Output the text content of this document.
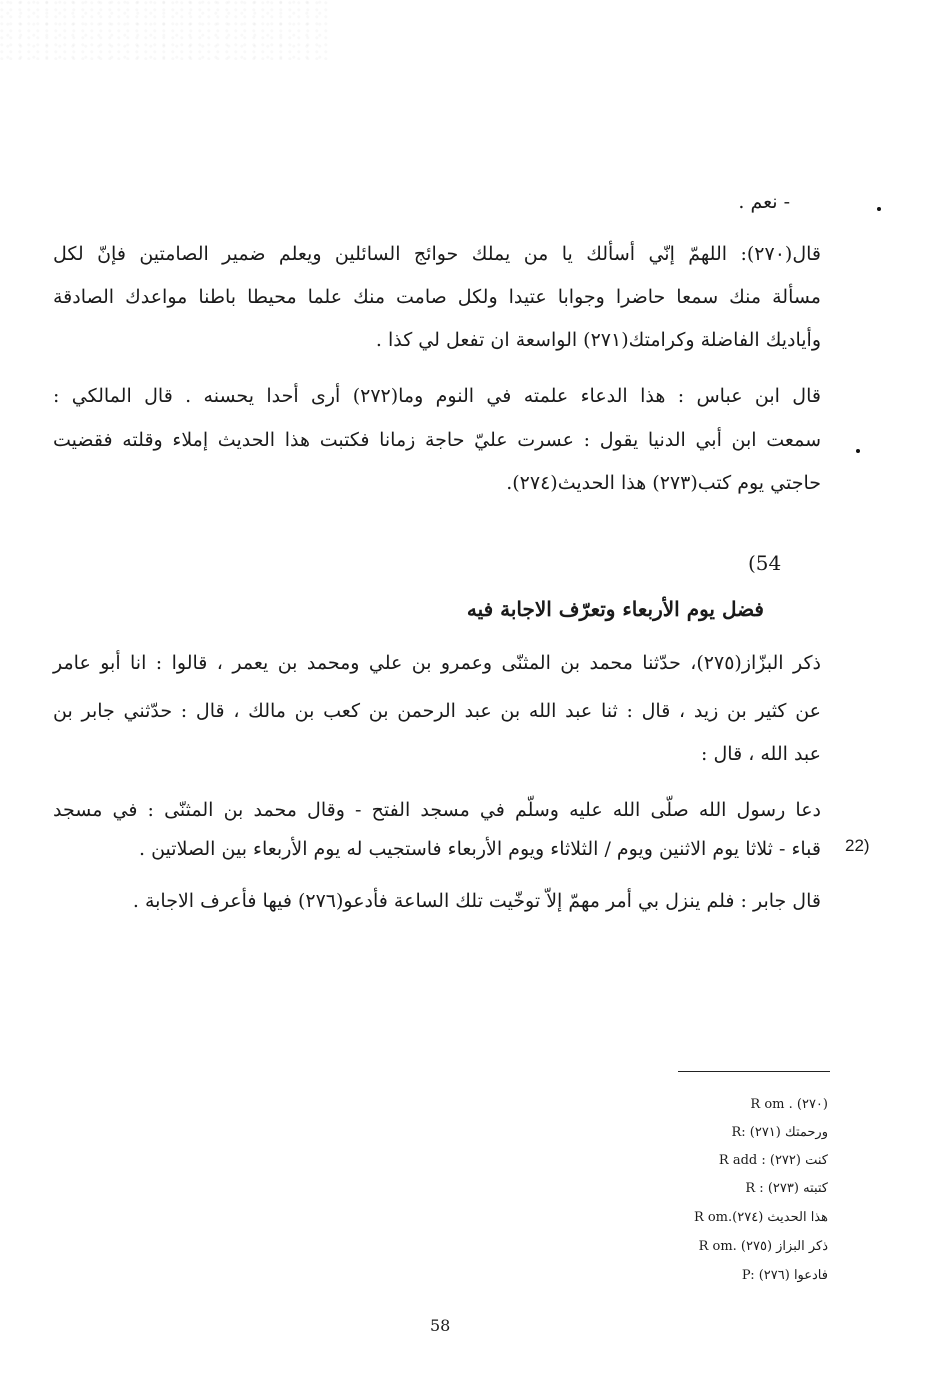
- نعم .
قال(٢٧٠): اللهمّ إنّي أسألك يا من يملك حوائج السائلين ويعلم ضمير الصامتين فإنّ لكل
مسألة منك سمعا حاضرا وجوابا عتيدا ولكل صامت منك علما محيطا باطنا مواعدك الصادقة
وأياديك الفاضلة وكرامتك(٢٧١) الواسعة ان تفعل لي كذا .
قال ابن عباس : هذا الدعاء علمته في النوم وما(٢٧٢) أرى أحدا يحسنه . قال المالكي :
سمعت ابن أبي الدنيا يقول : عسرت عليّ حاجة زمانا فكتبت هذا الحديث إملاء وقلته فقضيت
حاجتي يوم كتب(٢٧٣) هذا الحديث(٢٧٤).
(54
فضل يوم الأربعاء وتعرّف الاجابة فيه
ذكر البزّاز(٢٧٥)، حدّثنا محمد بن المثنّى وعمرو بن علي ومحمد بن يعمر ، قالوا : انا أبو عامر
عن كثير بن زيد ، قال : ثنا عبد الله بن عبد الرحمن بن كعب بن مالك ، قال : حدّثني جابر بن
عبد الله ، قال :
دعا رسول الله صلّى الله عليه وسلّم في مسجد الفتح - وقال محمد بن المثنّى : في مسجد
22)
قباء - ثلاثا يوم الاثنين ويوم / الثلاثاء ويوم الأربعاء فاستجيب له يوم الأربعاء بين الصلاتين .
قال جابر : فلم ينزل بي أمر مهمّ إلاّ توخّيت تلك الساعة فأدعو(٢٧٦) فيها فأعرف الاجابة .
R om . (٢٧٠)
R: ورحمتك (٢٧١)
R add : كنت (٢٧٢)
R : كتبته (٢٧٣)
R om.هذا الحديث (٢٧٤)
R om. ذكر البزاز (٢٧٥)
P: فادعوا (٢٧٦)
58
